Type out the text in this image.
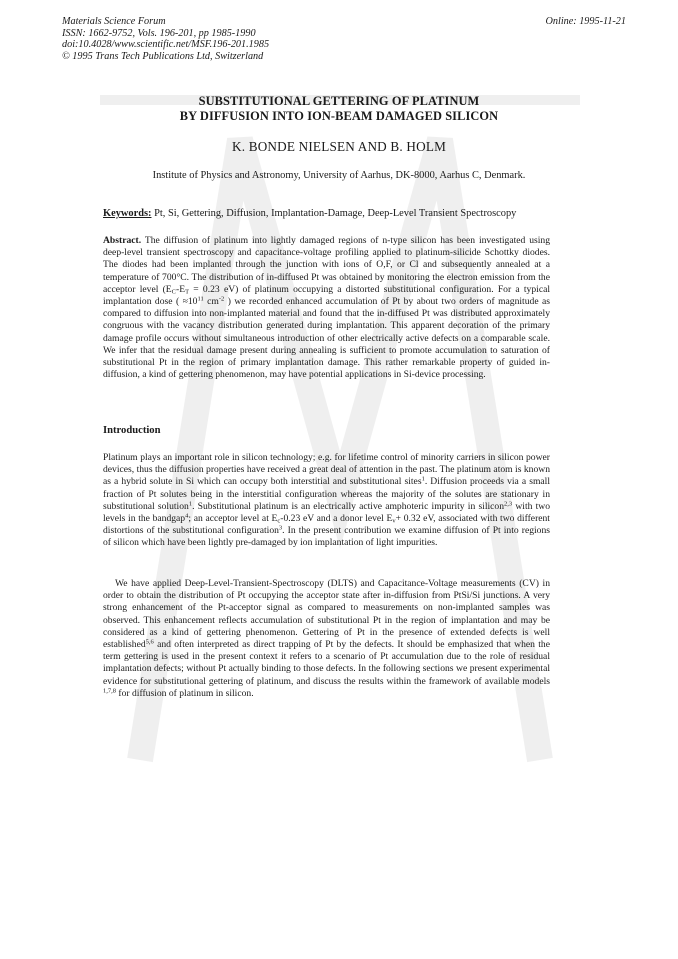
Materials Science Forum
ISSN: 1662-9752, Vols. 196-201, pp 1985-1990
doi:10.4028/www.scientific.net/MSF.196-201.1985
© 1995 Trans Tech Publications Ltd, Switzerland
Online: 1995-11-21
SUBSTITUTIONAL GETTERING OF PLATINUM
BY DIFFUSION INTO ION-BEAM DAMAGED SILICON
K. BONDE NIELSEN AND B. HOLM
Institute of Physics and Astronomy, University of Aarhus, DK-8000, Aarhus C, Denmark.
Keywords: Pt, Si, Gettering, Diffusion, Implantation-Damage, Deep-Level Transient Spectroscopy
Abstract. The diffusion of platinum into lightly damaged regions of n-type silicon has been investigated using deep-level transient spectroscopy and capacitance-voltage profiling applied to platinum-silicide Schottky diodes. The diodes had been implanted through the junction with ions of O,F, or Cl and subsequently annealed at a temperature of 700°C. The distribution of in-diffused Pt was obtained by monitoring the electron emission from the acceptor level ($E_C-E_T = 0.23$ eV) of platinum occupying a distorted substitutional configuration. For a typical implantation dose ( $\approx 10^{11}$ $cm^{-2}$ ) we recorded enhanced accumulation of Pt by about two orders of magnitude as compared to diffusion into non-implanted material and found that the in-diffused Pt was distributed approximately congruous with the vacancy distribution generated during implantation. This apparent decoration of the primary damage profile occurs without simultaneous introduction of other electrically active defects on a comparable scale. We infer that the residual damage present during annealing is sufficient to promote accumulation to saturation of substitutional Pt in the region of primary implantation damage. This rather remarkable property of guided in-diffusion, a kind of gettering phenomenon, may have potential applications in Si-device processing.
Introduction
Platinum plays an important role in silicon technology; e.g. for lifetime control of minority carriers in silicon power devices, thus the diffusion properties have received a great deal of attention in the past. The platinum atom is known as a hybrid solute in Si which can occupy both interstitial and substitutional sites$^1$. Diffusion proceeds via a small fraction of Pt solutes being in the interstitial configuration whereas the majority of the solutes are stationary in substitutional solution$^1$. Substitutional platinum is an electrically active amphoteric impurity in silicon$^{2,3}$ with two levels in the bandgap$^4$; an acceptor level at $E_c-0.23$ eV and a donor level $E_v+ 0.32$ eV, associated with two different distortions of the substitutional configuration$^3$. In the present contribution we examine diffusion of Pt into regions of silicon which have been lightly pre-damaged by ion implantation of light impurities.
We have applied Deep-Level-Transient-Spectroscopy (DLTS) and Capacitance-Voltage measurements (CV) in order to obtain the distribution of Pt occupying the acceptor state after in-diffusion from PtSi/Si junctions. A very strong enhancement of the Pt-acceptor signal as compared to measurements on non-implanted samples was observed. This enhancement reflects accumulation of substitutional Pt in the region of implantation and may be considered as a kind of gettering phenomenon. Gettering of Pt in the presence of extended defects is well established$^{5,6}$ and often interpreted as direct trapping of Pt by the defects. It should be emphasized that when the term gettering is used in the present context it refers to a scenario of Pt accumulation due to the role of residual implantation defects; without Pt actually binding to those defects. In the following sections we present experimental evidence for substitutional gettering of platinum, and discuss the results within the framework of available models $^{1,7,8}$ for diffusion of platinum in silicon.
